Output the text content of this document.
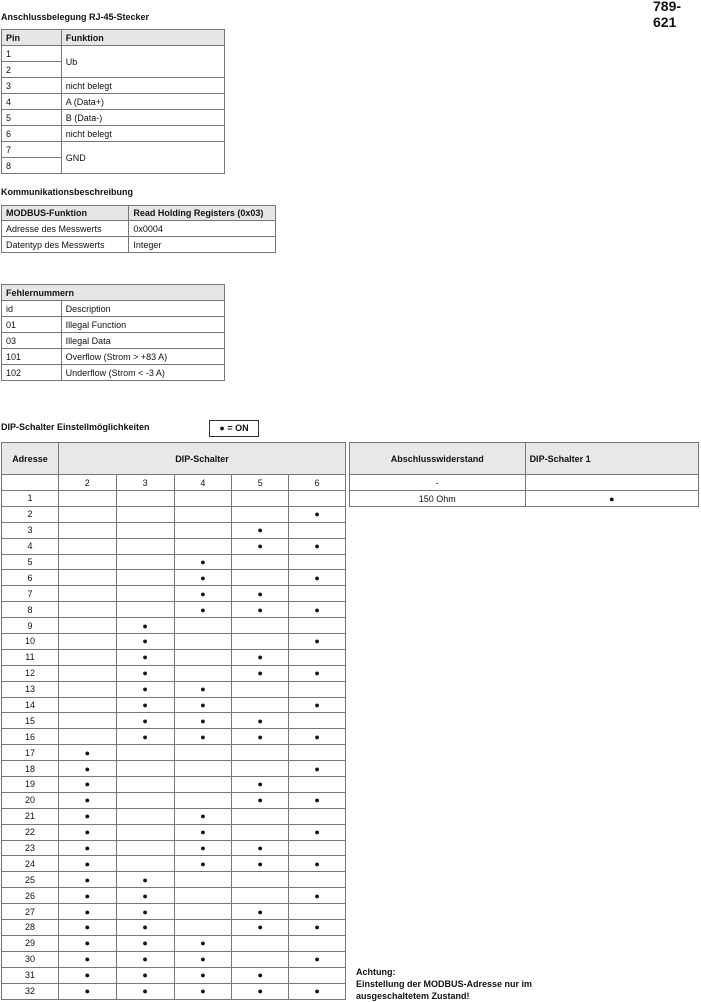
789-621
Anschlussbelegung RJ-45-Stecker
Pin	Funktion
1	Ub
2	
3	nicht belegt
4	A (Data+)
5	B (Data-)
6	nicht belegt
7	GND
8	
Kommunikationsbeschreibung
MODBUS-Funktion	Read Holding Registers (0x03)
Adresse des Messwerts	0x0004
Datentyp des Messwerts	Integer
Fehlernummern	
id	Description
01	Illegal Function
03	Illegal Data
101	Overflow (Strom > +83 A)
102	Underflow (Strom < -3 A)
DIP-Schalter Einstellmöglichkeiten	● = ON
Adresse	DIP-Schalter				
	2	3	4	5	6
1					
2					●
3				●	
4				●	●
5			●		
6			●		●
7			●	●	
8			●	●	●
9		●			
10		●			●
11		●		●	
12		●		●	●
13		●	●		
14		●	●		●
15		●	●	●	
16		●	●	●	●
17	●				
18	●				●
19	●			●	
20	●			●	●
21	●		●		
22	●		●		●
23	●		●	●	
24	●		●	●	●
25	●	●			
26	●	●			●
27	●	●		●	
28	●	●		●	●
29	●	●	●		
30	●	●	●		●
31	●	●	●	●	
32	●	●	●	●	●
Abschlusswiderstand	DIP-Schalter 1
-	
150 Ohm	●
Achtung:
Einstellung der MODBUS-Adresse nur im
ausgeschaltetem Zustand!
